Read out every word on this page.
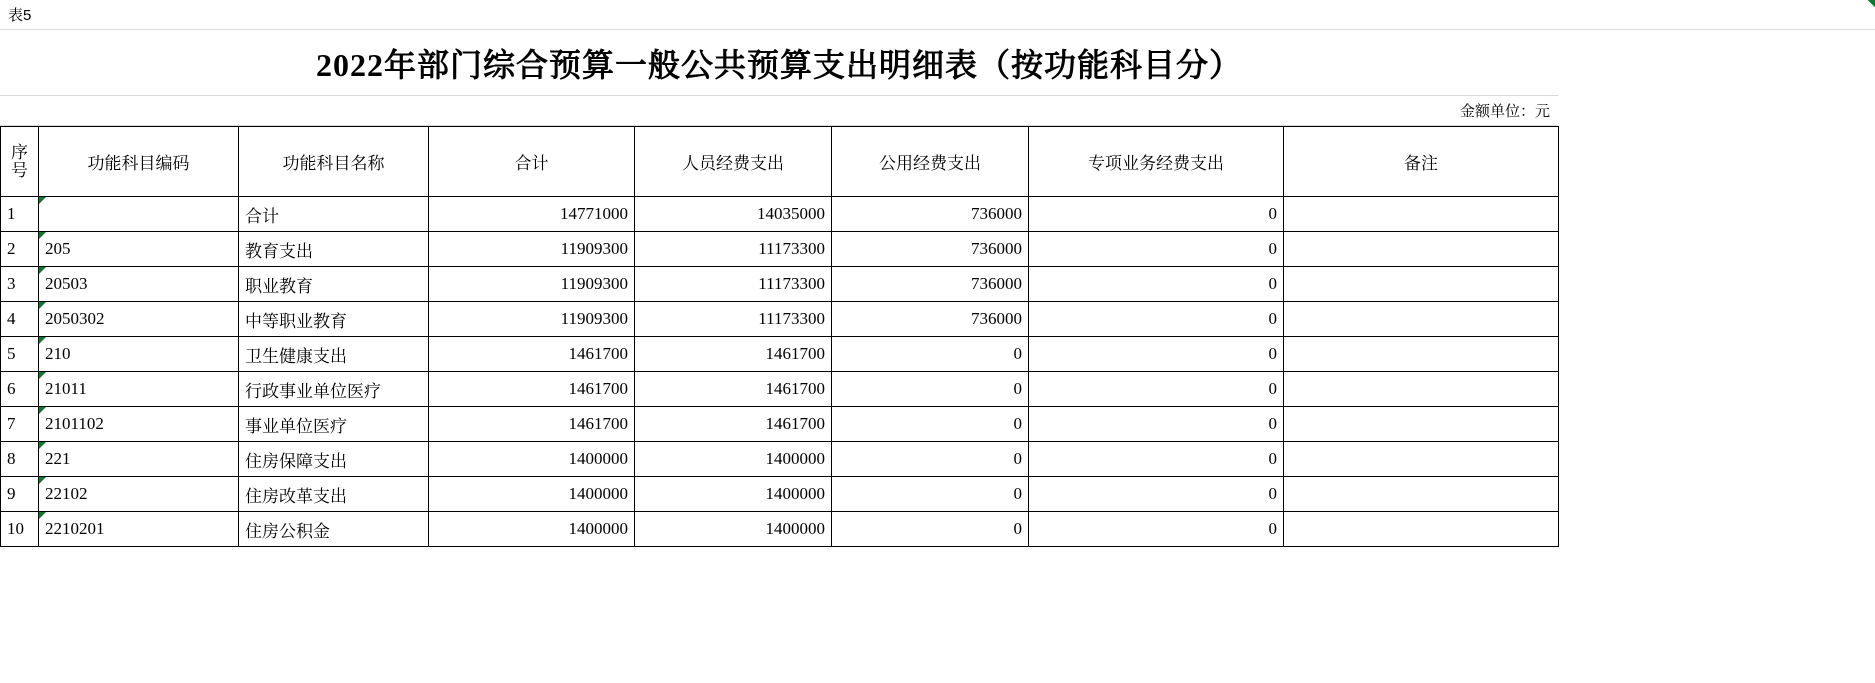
表5
2022年部门综合预算一般公共预算支出明细表（按功能科目分）
金额单位：元
序
号	功能科目编码	功能科目名称	合计	人员经费支出	公用经费支出	专项业务经费支出	备注
1		合计	14771000	14035000	736000	0	
2	205	教育支出	11909300	11173300	736000	0	
3	20503	职业教育	11909300	11173300	736000	0	
4	2050302	中等职业教育	11909300	11173300	736000	0	
5	210	卫生健康支出	1461700	1461700	0	0	
6	21011	行政事业单位医疗	1461700	1461700	0	0	
7	2101102	事业单位医疗	1461700	1461700	0	0	
8	221	住房保障支出	1400000	1400000	0	0	
9	22102	住房改革支出	1400000	1400000	0	0	
10	2210201	住房公积金	1400000	1400000	0	0	
